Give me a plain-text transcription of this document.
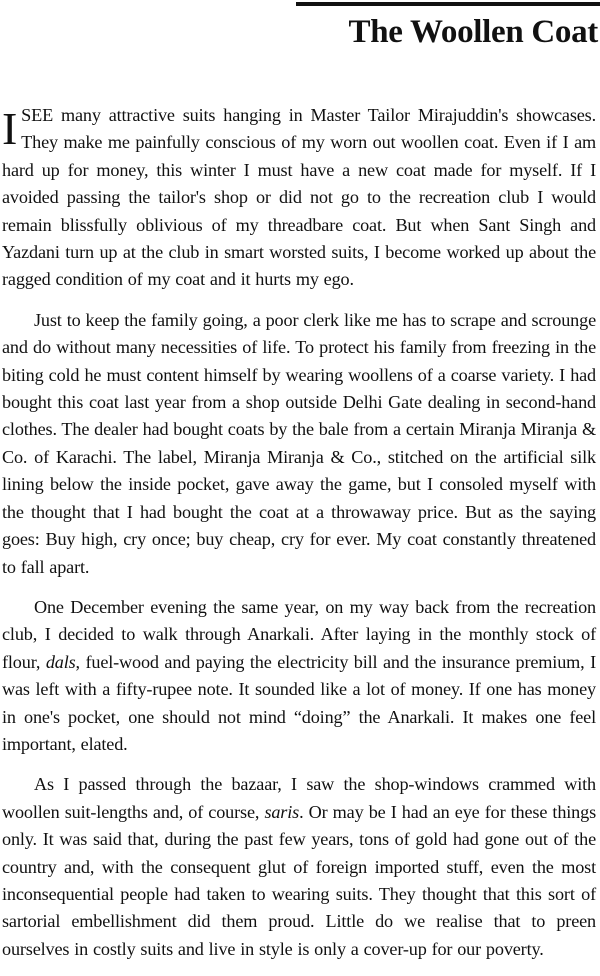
The Woollen Coat

ISEE many attractive suits hanging in Master Tailor Mirajuddin's showcases. They make me painfully conscious of my worn out woollen coat. Even if I am hard up for money, this winter I must have a new coat made for myself. If I avoided passing the tailor's shop or did not go to the recreation club I would remain blissfully oblivious of my threadbare coat. But when Sant Singh and Yazdani turn up at the club in smart worsted suits, I become worked up about the ragged condition of my coat and it hurts my ego.

Just to keep the family going, a poor clerk like me has to scrape and scrounge and do without many necessities of life. To protect his family from freezing in the biting cold he must content himself by wearing woollens of a coarse variety. I had bought this coat last year from a shop outside Delhi Gate dealing in second-hand clothes. The dealer had bought coats by the bale from a certain Miranja Miranja & Co. of Karachi. The label, Miranja Miranja & Co., stitched on the artificial silk lining below the inside pocket, gave away the game, but I consoled myself with the thought that I had bought the coat at a throwaway price. But as the saying goes: Buy high, cry once; buy cheap, cry for ever. My coat constantly threatened to fall apart.

One December evening the same year, on my way back from the recreation club, I decided to walk through Anarkali. After laying in the monthly stock of flour, dals, fuel-wood and paying the electricity bill and the insurance premium, I was left with a fifty-rupee note. It sounded like a lot of money. If one has money in one's pocket, one should not mind “doing” the Anarkali. It makes one feel important, elated.

As I passed through the bazaar, I saw the shop-windows crammed with woollen suit-lengths and, of course, saris. Or may be I had an eye for these things only. It was said that, during the past few years, tons of gold had gone out of the country and, with the consequent glut of foreign imported stuff, even the most inconsequential people had taken to wearing suits. They thought that this sort of sartorial embellishment did them proud. Little do we realise that to preen ourselves in costly suits and live in style is only a cover-up for our poverty.
